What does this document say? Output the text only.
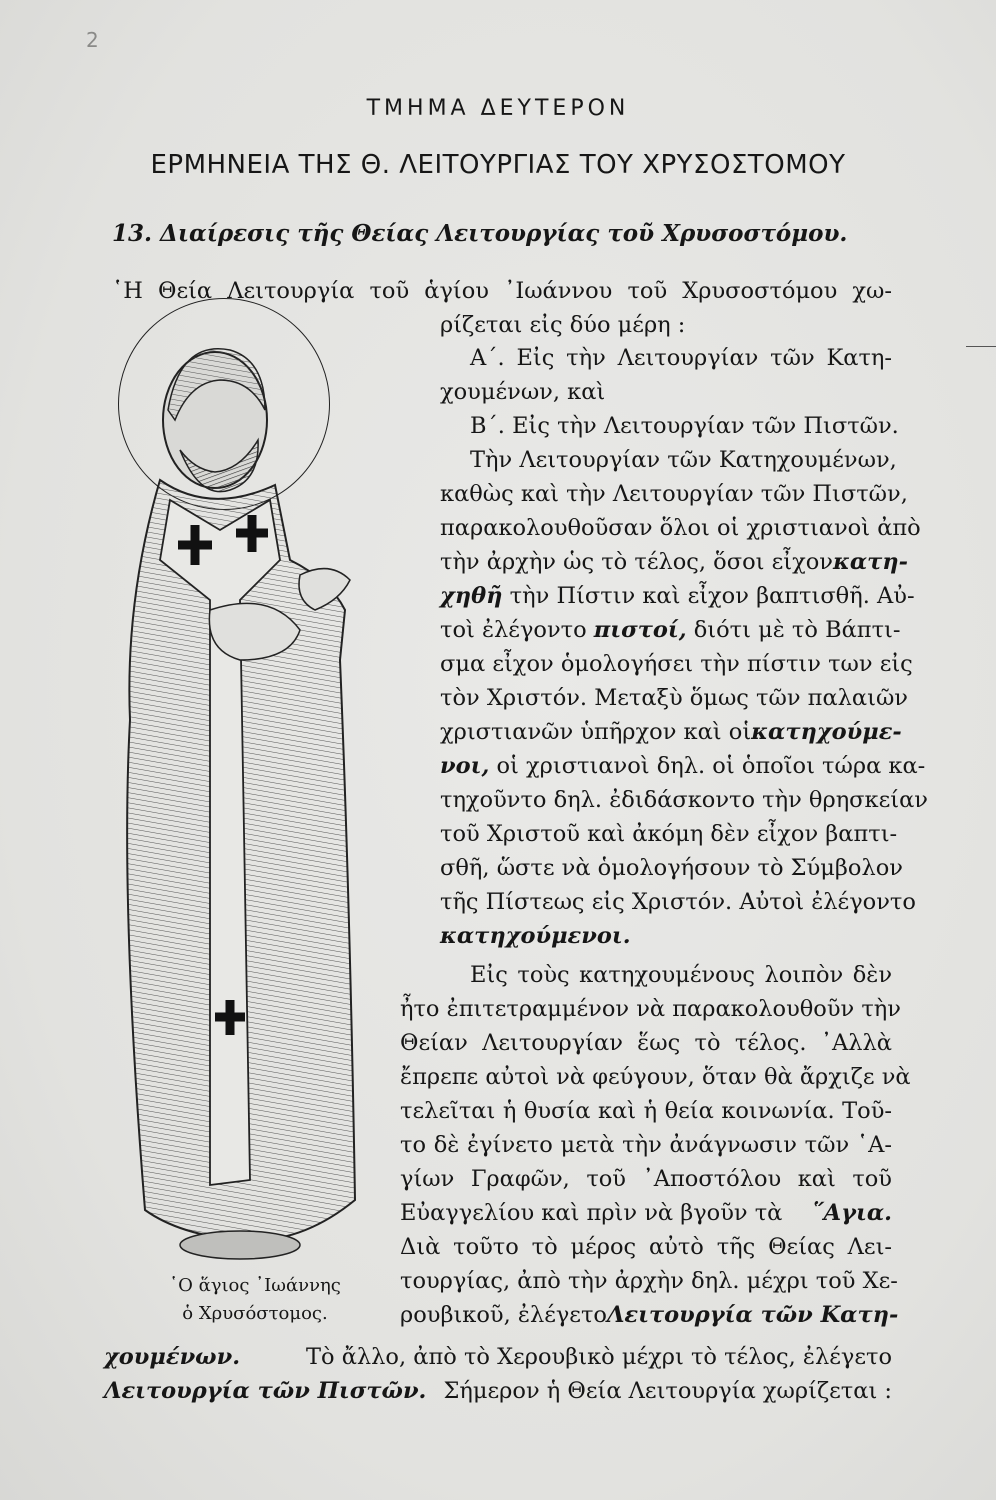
2
ΤΜΗΜΑ ΔΕΥΤΕΡΟΝ
ΕΡΜΗΝΕΙΑ ΤΗΣ Θ. ΛΕΙΤΟΥΡΓΙΑΣ ΤΟΥ ΧΡΥΣΟΣΤΟΜΟΥ
13. Διαίρεσις τῆς Θείας Λειτουργίας τοῦ Χρυσοστόμου.
῾Ο ἅγιος ᾿Ιωάννης
ὁ Χρυσόστομος.
῾Η Θεία Λειτουργία τοῦ ἁγίου ᾿Ιωάννου τοῦ Χρυσοστόμου χω-
ρίζεται εἰς δύο μέρη :
Α΄. Εἰς τὴν Λειτουργίαν τῶν Κατη-
χουμένων, καὶ
Β΄. Εἰς τὴν Λειτουργίαν τῶν Πιστῶν.
Τὴν Λειτουργίαν τῶν Κατηχουμένων,
καθὼς καὶ τὴν Λειτουργίαν τῶν Πιστῶν,
παρακολουθοῦσαν ὅλοι οἱ χριστιανοὶ ἀπὸ
τὴν ἀρχὴν ὡς τὸ τέλος, ὅσοι εἶχον κατη-
χηθῆ τὴν Πίστιν καὶ εἶχον βαπτισθῆ. Αὐ-
τοὶ ἐλέγοντο πιστοί, διότι μὲ τὸ Βάπτι-
σμα εἶχον ὁμολογήσει τὴν πίστιν των εἰς
τὸν Χριστόν. Μεταξὺ ὅμως τῶν παλαιῶν
χριστιανῶν ὑπῆρχον καὶ οἱ κατηχούμε-
νοι, οἱ χριστιανοὶ δηλ. οἱ ὁποῖοι τώρα κα-
τηχοῦντο δηλ. ἐδιδάσκοντο τὴν θρησκείαν
τοῦ Χριστοῦ καὶ ἀκόμη δὲν εἶχον βαπτι-
σθῆ, ὥστε νὰ ὁμολογήσουν τὸ Σύμβολον
τῆς Πίστεως εἰς Χριστόν. Αὐτοὶ ἐλέγοντο
κατηχούμενοι.
Εἰς τοὺς κατηχουμένους λοιπὸν δὲν
ἦτο ἐπιτετραμμένον νὰ παρακολουθοῦν τὴν
Θείαν Λειτουργίαν ἕως τὸ τέλος. ᾿Αλλὰ
ἔπρεπε αὐτοὶ νὰ φεύγουν, ὅταν θὰ ἄρχιζε νὰ
τελεῖται ἡ θυσία καὶ ἡ θεία κοινωνία. Τοῦ-
το δὲ ἐγίνετο μετὰ τὴν ἀνάγνωσιν τῶν ῾Α-
γίων Γραφῶν, τοῦ ᾿Αποστόλου καὶ τοῦ
Εὐαγγελίου καὶ πρὶν νὰ βγοῦν τὰ ῞Αγια.
Διὰ τοῦτο τὸ μέρος αὐτὸ τῆς Θείας Λει-
τουργίας, ἀπὸ τὴν ἀρχὴν δηλ. μέχρι τοῦ Χε-
ρουβικοῦ, ἐλέγετο Λειτουργία τῶν Κατη-
χουμένων.	Τὸ ἄλλο, ἀπὸ τὸ Χερουβικὸ μέχρι τὸ τέλος, ἐλέγετο
Λειτουργία τῶν Πιστῶν. Σήμερον ἡ Θεία Λειτουργία χωρίζεται :
